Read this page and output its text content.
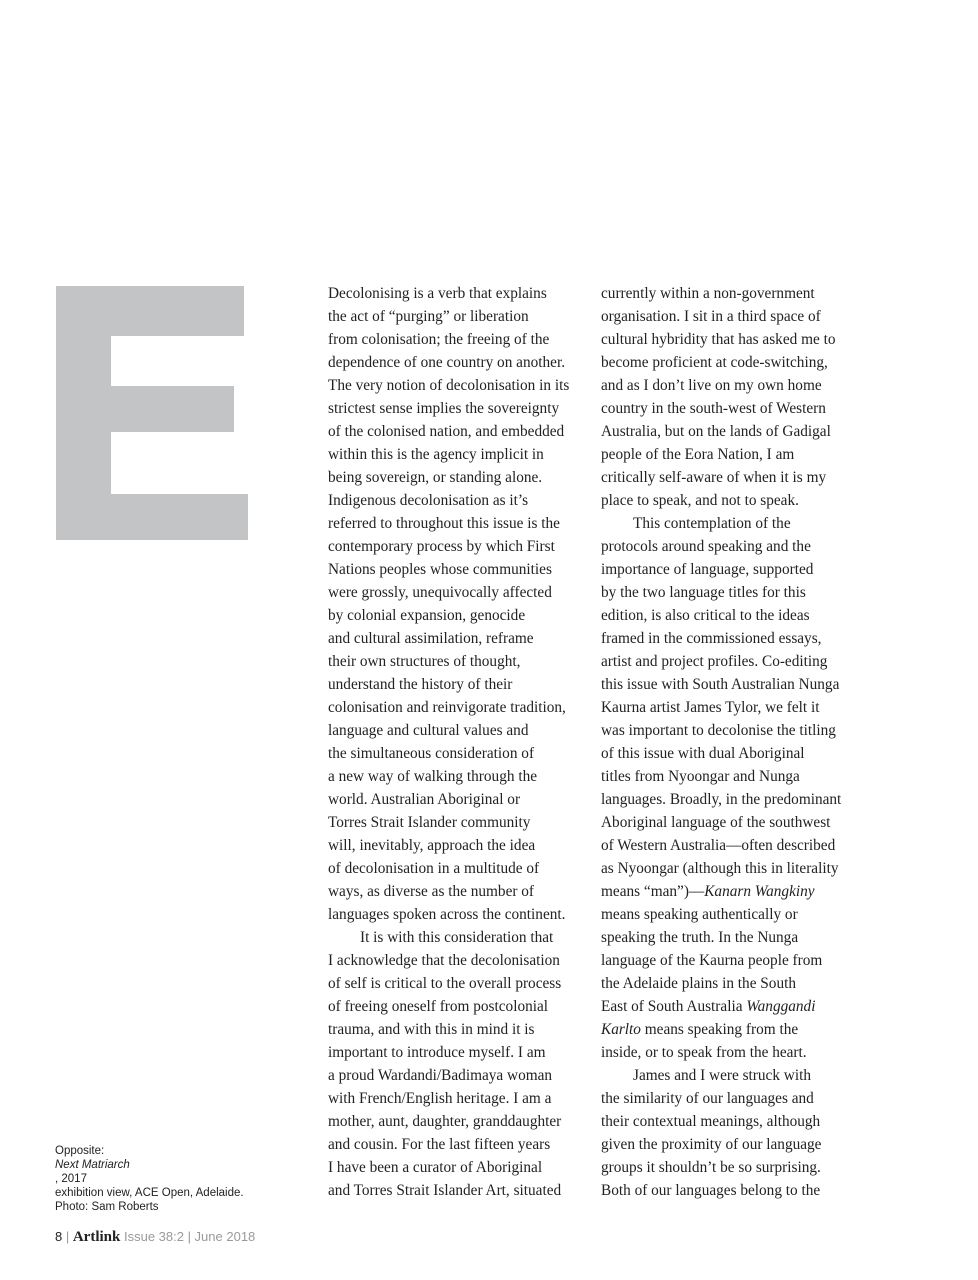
Decolonising is a verb that explains
the act of “purging” or liberation
from colonisation; the freeing of the
dependence of one country on another.
The very notion of decolonisation in its
strictest sense implies the sovereignty
of the colonised nation, and embedded
within this is the agency implicit in
being sovereign, or standing alone.
Indigenous decolonisation as it’s
referred to throughout this issue is the
contemporary process by which First
Nations peoples whose communities
were grossly, unequivocally affected
by colonial expansion, genocide
and cultural assimilation, reframe
their own structures of thought,
understand the history of their
colonisation and reinvigorate tradition,
language and cultural values and
the simultaneous consideration of
a new way of walking through the
world. Australian Aboriginal or
Torres Strait Islander community
will, inevitably, approach the idea
of decolonisation in a multitude of
ways, as diverse as the number of
languages spoken across the continent.
It is with this consideration that
I acknowledge that the decolonisation
of self is critical to the overall process
of freeing oneself from postcolonial
trauma, and with this in mind it is
important to introduce myself. I am
a proud Wardandi/Badimaya woman
with French/English heritage. I am a
mother, aunt, daughter, granddaughter
and cousin. For the last fifteen years
I have been a curator of Aboriginal
and Torres Strait Islander Art, situated
currently within a non-government
organisation. I sit in a third space of
cultural hybridity that has asked me to
become proficient at code-switching,
and as I don’t live on my own home
country in the south-west of Western
Australia, but on the lands of Gadigal
people of the Eora Nation, I am
critically self-aware of when it is my
place to speak, and not to speak.
This contemplation of the
protocols around speaking and the
importance of language, supported
by the two language titles for this
edition, is also critical to the ideas
framed in the commissioned essays,
artist and project profiles. Co-editing
this issue with South Australian Nunga
Kaurna artist James Tylor, we felt it
was important to decolonise the titling
of this issue with dual Aboriginal
titles from Nyoongar and Nunga
languages. Broadly, in the predominant
Aboriginal language of the southwest
of Western Australia—often described
as Nyoongar (although this in literality
means “man”)—Kanarn Wangkiny
means speaking authentically or
speaking the truth. In the Nunga
language of the Kaurna people from
the Adelaide plains in the South
East of South Australia Wanggandi
Karlto means speaking from the
inside, or to speak from the heart.
James and I were struck with
the similarity of our languages and
their contextual meanings, although
given the proximity of our language
groups it shouldn’t be so surprising.
Both of our languages belong to the
Opposite:
Next Matriarch
, 2017
exhibition view, ACE Open, Adelaide.
Photo: Sam Roberts
8 | Artlink Issue 38:2 | June 2018
